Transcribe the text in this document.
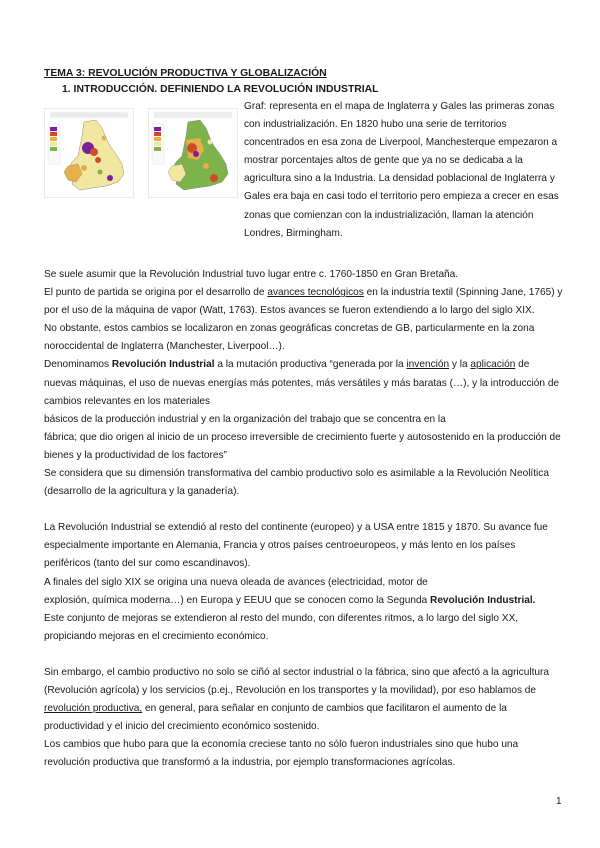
TEMA 3: REVOLUCIÓN PRODUCTIVA Y GLOBALIZACIÓN
1. INTRODUCCIÓN. DEFINIENDO LA REVOLUCIÓN INDUSTRIAL
Graf: representa en el mapa de Inglaterra y Gales las primeras zonas con industrialización. En 1820 hubo una serie de territorios concentrados en esa zona de Liverpool, Manchesterque empezaron a mostrar porcentajes altos de gente que ya no se dedicaba a la agricultura sino a la Industria. La densidad poblacional de Inglaterra y Gales era baja en casi todo el territorio pero empieza a crecer en esas zonas que comienzan con la industrialización, llaman la atención Londres, Birmingham.

Se suele asumir que la Revolución Industrial tuvo lugar entre c. 1760-1850 en Gran Bretaña.

El punto de partida se origina por el desarrollo de avances tecnológicos en la industria textil (Spinning Jane, 1765) y por el uso de la máquina de vapor (Watt, 1763). Estos avances se fueron extendiendo a lo largo del siglo XIX.

No obstante, estos cambios se localizaron en zonas geográficas concretas de GB, particularmente en la zona noroccidental de Inglaterra (Manchester, Liverpool…).

Denominamos Revolución Industrial a la mutación productiva “generada por la invención y la aplicación de nuevas máquinas, el uso de nuevas energías más potentes, más versátiles y más baratas (…), y la introducción de cambios relevantes en los materiales

básicos de la producción industrial y en la organización del trabajo que se concentra en la

fábrica; que dio origen al inicio de un proceso irreversible de crecimiento fuerte y autosostenido en la producción de bienes y la productividad de los factores”

Se considera que su dimensión transformativa del cambio productivo solo es asimilable a la Revolución Neolítica (desarrollo de la agricultura y la ganadería).

La Revolución Industrial se extendió al resto del continente (europeo) y a USA entre 1815 y 1870. Su avance fue especialmente importante en Alemania, Francia y otros países centroeuropeos, y más lento en los países periféricos (tanto del sur como escandinavos).

A finales del siglo XIX se origina una nueva oleada de avances (electricidad, motor de

explosión, química moderna…) en Europa y EEUU que se conocen como la Segunda Revolución Industrial.

Este conjunto de mejoras se extendieron al resto del mundo, con diferentes ritmos, a lo largo del siglo XX, propiciando mejoras en el crecimiento económico.

Sin embargo, el cambio productivo no solo se ciñó al sector industrial o la fábrica, sino que afectó a la agricultura (Revolución agrícola) y los servicios (p.ej., Revolución en los transportes y la movilidad), por eso hablamos de revolución productiva, en general, para señalar en conjunto de cambios que facilitaron el aumento de la productividad y el inicio del crecimiento económico sostenido.

Los cambios que hubo para que la economía creciese tanto no sólo fueron industriales sino que hubo una revolución productiva que transformó a la industria, por ejemplo transformaciones agrícolas.

1
